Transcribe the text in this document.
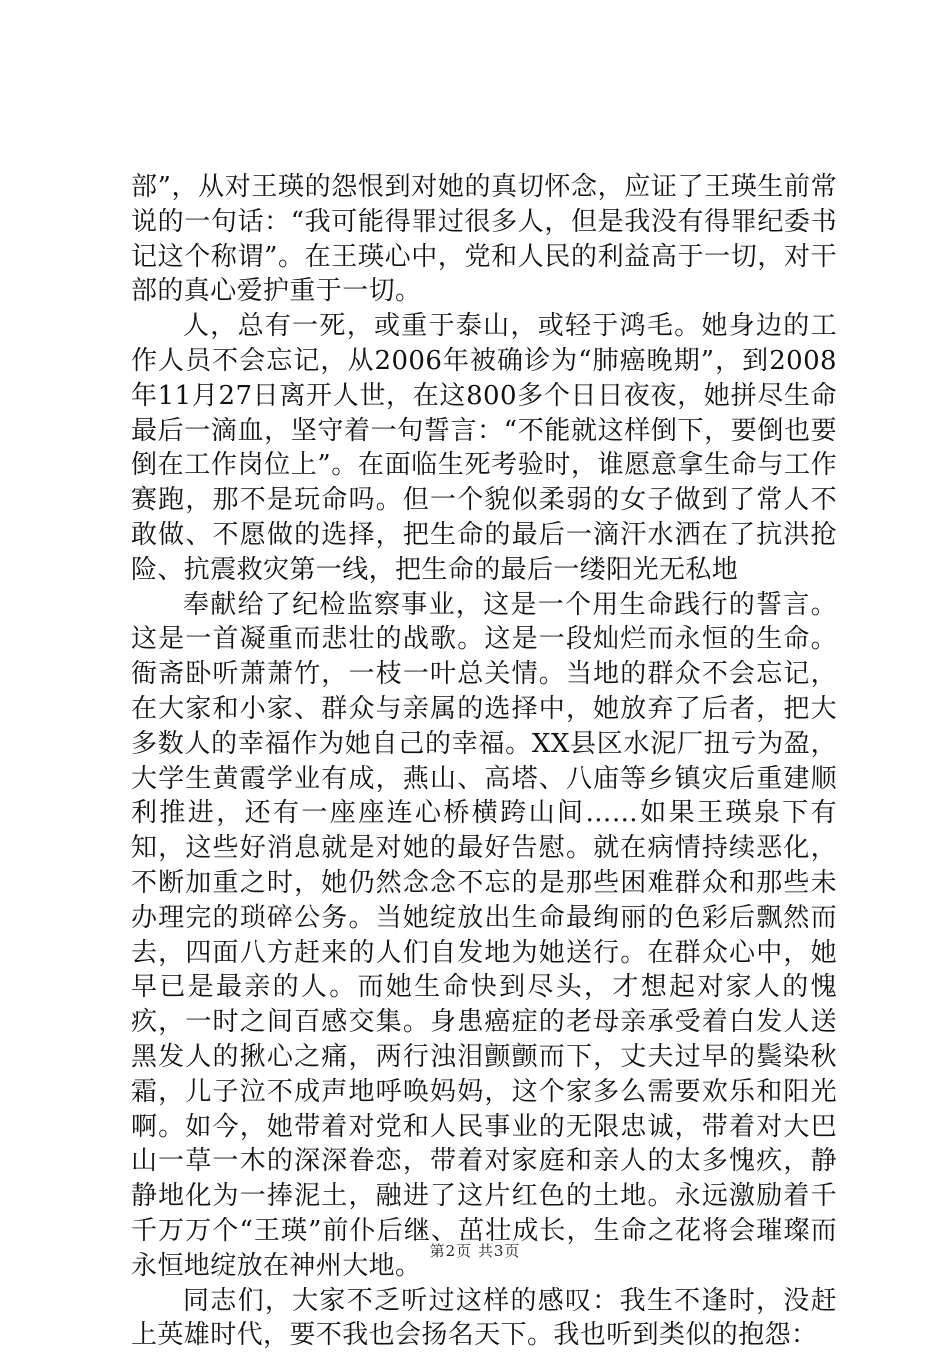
部”，从对王瑛的怨恨到对她的真切怀念，应证了王瑛生前常说的一句话：“我可能得罪过很多人，但是我没有得罪纪委书记这个称谓”。在王瑛心中，党和人民的利益高于一切，对干部的真心爱护重于一切。

人，总有一死，或重于泰山，或轻于鸿毛。她身边的工作人员不会忘记，从2006年被确诊为“肺癌晚期”，到2008年11月27日离开人世，在这800多个日日夜夜，她拼尽生命最后一滴血，坚守着一句誓言：“不能就这样倒下，要倒也要倒在工作岗位上”。在面临生死考验时，谁愿意拿生命与工作赛跑，那不是玩命吗。但一个貌似柔弱的女子做到了常人不敢做、不愿做的选择，把生命的最后一滴汗水洒在了抗洪抢险、抗震救灾第一线，把生命的最后一缕阳光无私地

奉献给了纪检监察事业，这是一个用生命践行的誓言。这是一首凝重而悲壮的战歌。这是一段灿烂而永恒的生命。衙斋卧听萧萧竹，一枝一叶总关情。当地的群众不会忘记，在大家和小家、群众与亲属的选择中，她放弃了后者，把大多数人的幸福作为她自己的幸福。XX县区水泥厂扭亏为盈，大学生黄霞学业有成，燕山、高塔、八庙等乡镇灾后重建顺利推进，还有一座座连心桥横跨山间……如果王瑛泉下有知，这些好消息就是对她的最好告慰。就在病情持续恶化，不断加重之时，她仍然念念不忘的是那些困难群众和那些未办理完的琐碎公务。当她绽放出生命最绚丽的色彩后飘然而去，四面八方赶来的人们自发地为她送行。在群众心中，她早已是最亲的人。而她生命快到尽头，才想起对家人的愧疚，一时之间百感交集。身患癌症的老母亲承受着白发人送黑发人的揪心之痛，两行浊泪颤颤而下，丈夫过早的鬓染秋霜，儿子泣不成声地呼唤妈妈，这个家多么需要欢乐和阳光啊。如今，她带着对党和人民事业的无限忠诚，带着对大巴山一草一木的深深眷恋，带着对家庭和亲人的太多愧疚，静静地化为一捧泥土，融进了这片红色的土地。永远激励着千千万万个“王瑛”前仆后继、茁壮成长，生命之花将会璀璨而永恒地绽放在神州大地。

同志们，大家不乏听过这样的感叹：我生不逢时，没赶上英雄时代，要不我也会扬名天下。我也听到类似的抱怨：

第2页 共3页
